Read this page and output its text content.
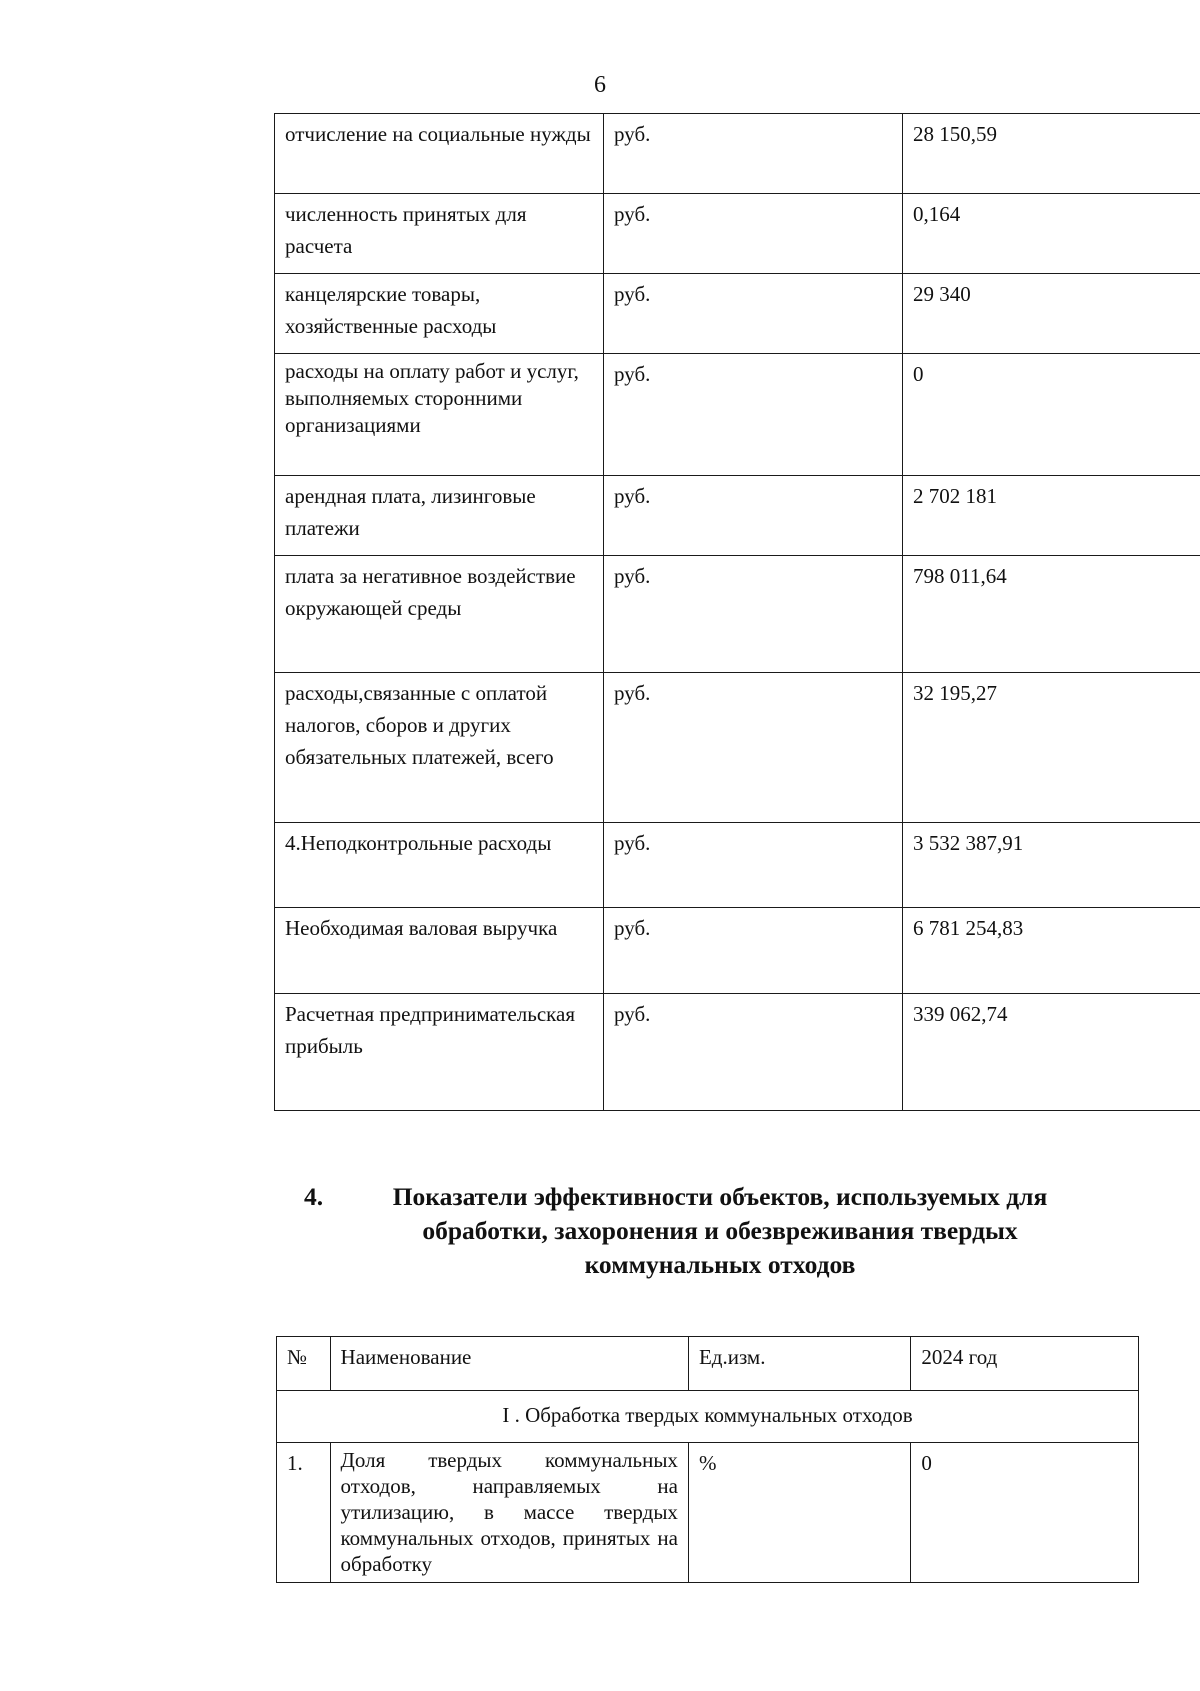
6
отчисление на социальные нужды	руб.	28 150,59
численность принятых для расчета	руб.	0,164
канцелярские товары, хозяйственные расходы	руб.	29 340
расходы на оплату работ и услуг, выполняемых сторонними организациями	руб.	0
арендная плата, лизинговые платежи	руб.	2 702 181
плата за негативное воздействие окружающей среды	руб.	798 011,64
расходы,связанные с оплатой налогов, сборов и других обязательных платежей, всего	руб.	32 195,27
4.Неподконтрольные расходы	руб.	3 532 387,91
Необходимая валовая выручка	руб.	6 781 254,83
Расчетная предпринимательская прибыль	руб.	339 062,74
4.	Показатели эффективности объектов, используемых для
обработки, захоронения и обезвреживания твердых
коммунальных отходов
№	Наименование	Ед.изм.	2024 год
I . Обработка твердых коммунальных отходов			
1.	Доля твердых коммунальных отходов, направляемых на утилизацию, в массе твердых коммунальных отходов, принятых на обработку	%	0
